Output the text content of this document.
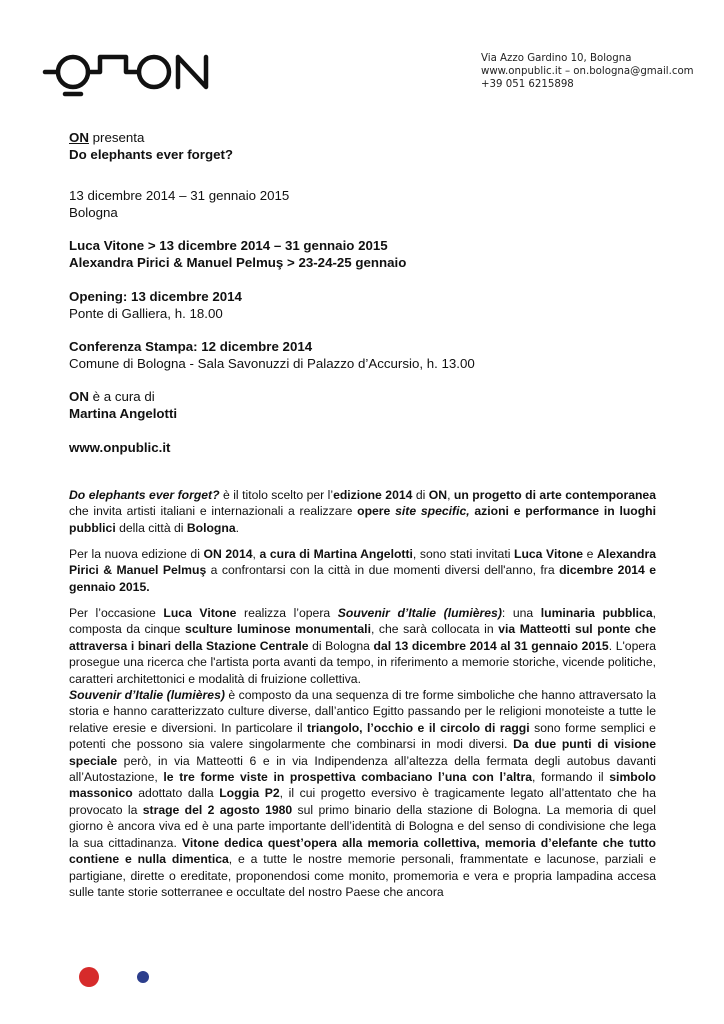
Via Azzo Gardino 10, Bologna
www.onpublic.it – on.bologna@gmail.com
+39 051 6215898
ON presenta
Do elephants ever forget?
13 dicembre 2014 – 31 gennaio 2015
Bologna
Luca Vitone > 13 dicembre 2014 – 31 gennaio 2015
Alexandra Pirici & Manuel Pelmuş > 23-24-25 gennaio
Opening: 13 dicembre 2014
Ponte di Galliera, h. 18.00
Conferenza Stampa: 12 dicembre 2014
Comune di Bologna - Sala Savonuzzi di Palazzo d’Accursio, h. 13.00
ON è a cura di
Martina Angelotti
www.onpublic.it

Do elephants ever forget? è il titolo scelto per l’edizione 2014 di ON, un progetto di arte contemporanea che invita artisti italiani e internazionali a realizzare opere site specific, azioni e performance in luoghi pubblici della città di Bologna.

Per la nuova edizione di ON 2014, a cura di Martina Angelotti, sono stati invitati Luca Vitone e Alexandra Pirici & Manuel Pelmuş a confrontarsi con la città in due momenti diversi dell'anno, fra dicembre 2014 e gennaio 2015.

Per l’occasione Luca Vitone realizza l’opera Souvenir d’Italie (lumières): una luminaria pubblica, composta da cinque sculture luminose monumentali, che sarà collocata in via Matteotti sul ponte che attraversa i binari della Stazione Centrale di Bologna dal 13 dicembre 2014 al 31 gennaio 2015. L'opera prosegue una ricerca che l'artista porta avanti da tempo, in riferimento a memorie storiche, vicende politiche, caratteri architettonici e modalità di fruizione collettiva.

Souvenir d’Italie (lumières) è composto da una sequenza di tre forme simboliche che hanno attraversato la storia e hanno caratterizzato culture diverse, dall’antico Egitto passando per le religioni monoteiste a tutte le relative eresie e diversioni. In particolare il triangolo, l’occhio e il circolo di raggi sono forme semplici e potenti che possono sia valere singolarmente che combinarsi in modi diversi. Da due punti di visione speciale però, in via Matteotti 6 e in via Indipendenza all’altezza della fermata degli autobus davanti all’Autostazione, le tre forme viste in prospettiva combaciano l’una con l’altra, formando il simbolo massonico adottato dalla Loggia P2, il cui progetto eversivo è tragicamente legato all’attentato che ha provocato la strage del 2 agosto 1980 sul primo binario della stazione di Bologna. La memoria di quel giorno è ancora viva ed è una parte importante dell’identità di Bologna e del senso di condivisione che lega la sua cittadinanza. Vitone dedica quest’opera alla memoria collettiva, memoria d’elefante che tutto contiene e nulla dimentica, e a tutte le nostre memorie personali, frammentate e lacunose, parziali e partigiane, dirette o ereditate, proponendosi come monito, promemoria e vera e propria lampadina accesa sulle tante storie sotterranee e occultate del nostro Paese che ancora
